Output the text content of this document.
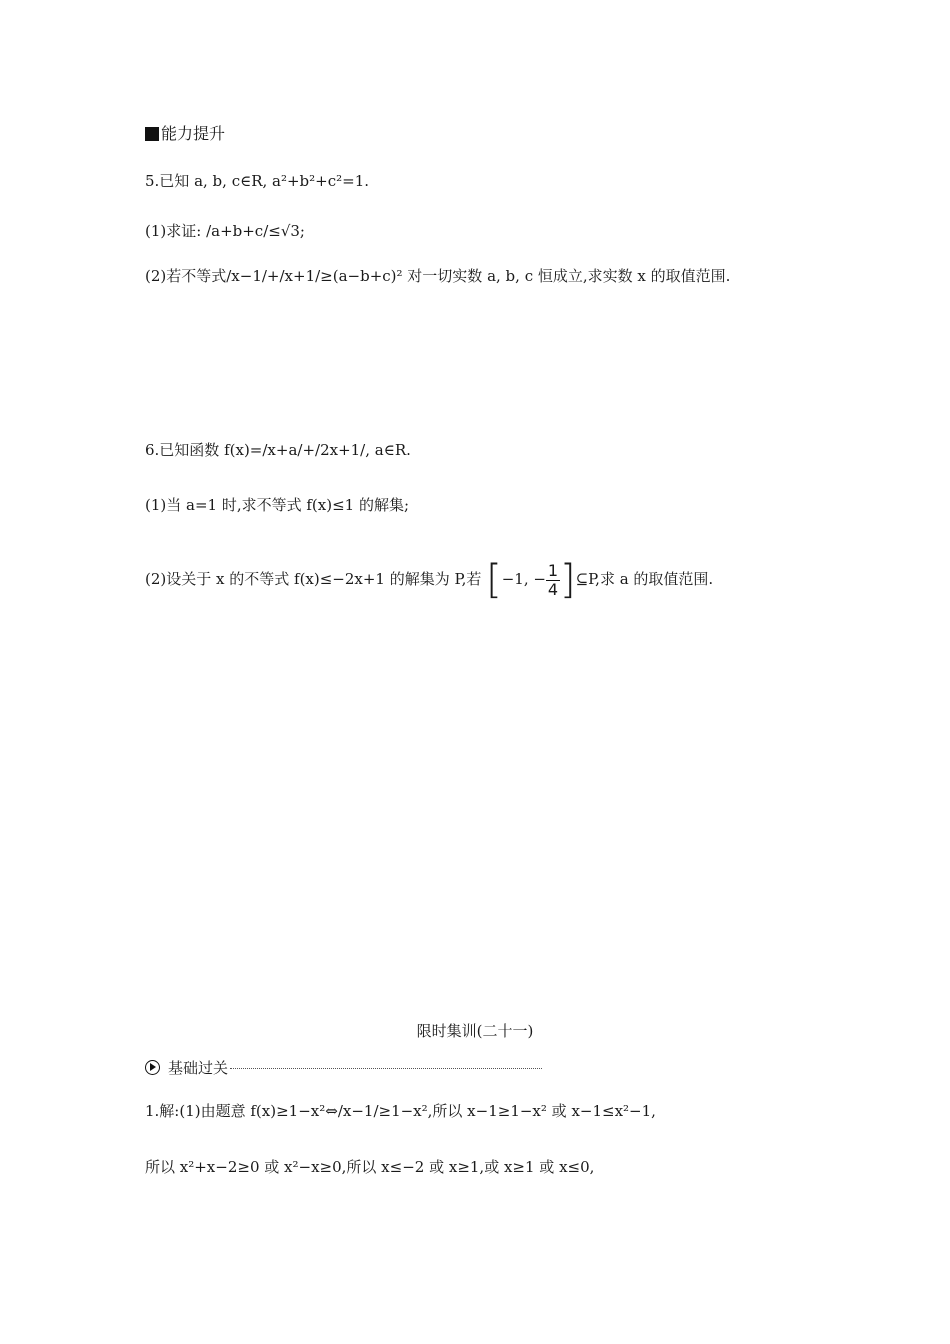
能力提升
5.已知 a, b, c∈R, a²+b²+c²=1.
(1)求证: /a+b+c/≤√3;
(2)若不等式/x−1/+/x+1/≥(a−b+c)² 对一切实数 a, b, c 恒成立,求实数 x 的取值范围.
6.已知函数 f(x)=/x+a/+/2x+1/, a∈R.
(1)当 a=1 时,求不等式 f(x)≤1 的解集;
(2)设关于 x 的不等式 f(x)≤−2x+1 的解集为 P,若 [−1, − $\frac{1}{4}$ ]⊆P,求 a 的取值范围.
限时集训(二十一)
基础过关
1.解:(1)由题意 f(x)≥1−x²⇔/x−1/≥1−x²,所以 x−1≥1−x² 或 x−1≤x²−1,
所以 x²+x−2≥0 或 x²−x≥0,所以 x≤−2 或 x≥1,或 x≥1 或 x≤0,
